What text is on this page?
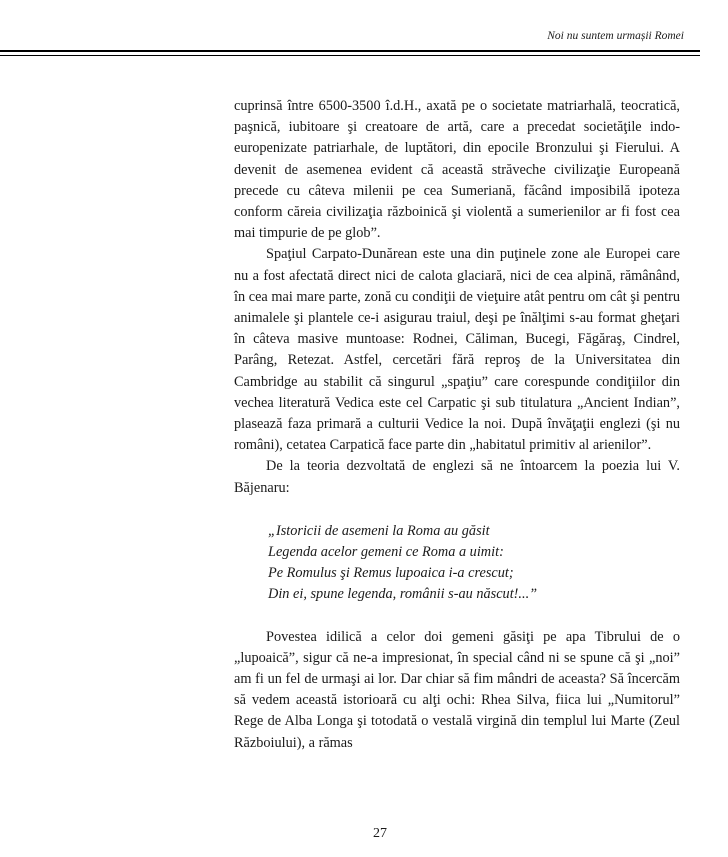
Noi nu suntem urmașii Romei

cuprinsă între 6500-3500 î.d.H., axată pe o societate matriarhală, teocratică, paşnică, iubitoare şi creatoare de artă, care a precedat societăţile indo-europenizate patriarhale, de luptători, din epocile Bronzului şi Fierului. A devenit de asemenea evident că această străveche civilizaţie Europeană precede cu câteva milenii pe cea Sumeriană, făcând imposibilă ipoteza conform căreia civilizaţia războinică şi violentă a sumerienilor ar fi fost cea mai timpurie de pe glob”.

Spaţiul Carpato-Dunărean este una din puţinele zone ale Europei care nu a fost afectată direct nici de calota glaciară, nici de cea alpină, rămânând, în cea mai mare parte, zonă cu condiţii de vieţuire atât pentru om cât şi pentru animalele şi plantele ce-i asigurau traiul, deşi pe înălţimi s-au format gheţari în câteva masive muntoase: Rodnei, Căliman, Bucegi, Făgăraş, Cindrel, Parâng, Retezat. Astfel, cercetări fără reproş de la Universitatea din Cambridge au stabilit că singurul „spaţiu” care corespunde condiţiilor din vechea literatură Vedica este cel Carpatic şi sub titulatura „Ancient Indian”, plasează faza primară a culturii Vedice la noi. După învăţaţii englezi (şi nu români), cetatea Carpatică face parte din „habitatul primitiv al arienilor”.

De la teoria dezvoltată de englezi să ne întoarcem la poezia lui V. Băjenaru:

„Istoricii de asemeni la Roma au găsit
Legenda acelor gemeni ce Roma a uimit:
Pe Romulus şi Remus lupoaica i-a crescut;
Din ei, spune legenda, românii s-au născut!...”

Povestea idilică a celor doi gemeni găsiţi pe apa Tibrului de o „lupoaică”, sigur că ne-a impresionat, în special când ni se spune că şi „noi” am fi un fel de urmaşi ai lor. Dar chiar să fim mândri de aceasta? Să încercăm să vedem această istorioară cu alţi ochi: Rhea Silva, fiica lui „Numitorul” Rege de Alba Longa şi totodată o vestală virgină din templul lui Marte (Zeul Războiului), a rămas

27
